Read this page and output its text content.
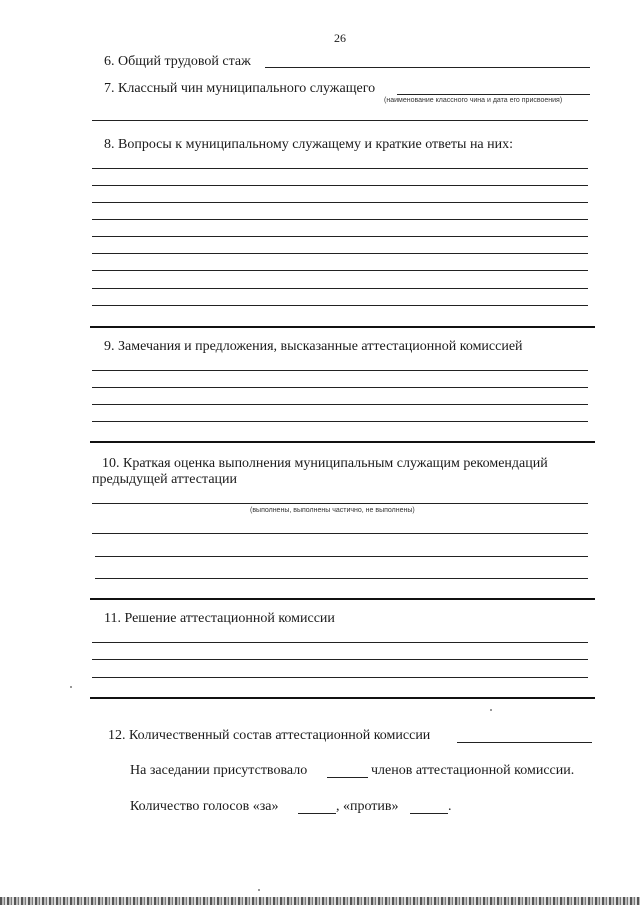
26
6. Общий трудовой стаж
7. Классный чин муниципального служащего
(наименование классного чина и дата его присвоения)
8. Вопросы к муниципальному служащему и краткие ответы на них:
9. Замечания и предложения, высказанные аттестационной комиссией
10. Краткая оценка выполнения муниципальным служащим рекомендаций
предыдущей аттестации
(выполнены, выполнены частично, не выполнены)
11. Решение аттестационной комиссии
12. Количественный состав аттестационной комиссии
На заседании присутствовало	членов аттестационной комиссии.
Количество голосов «за»	, «против»	.
